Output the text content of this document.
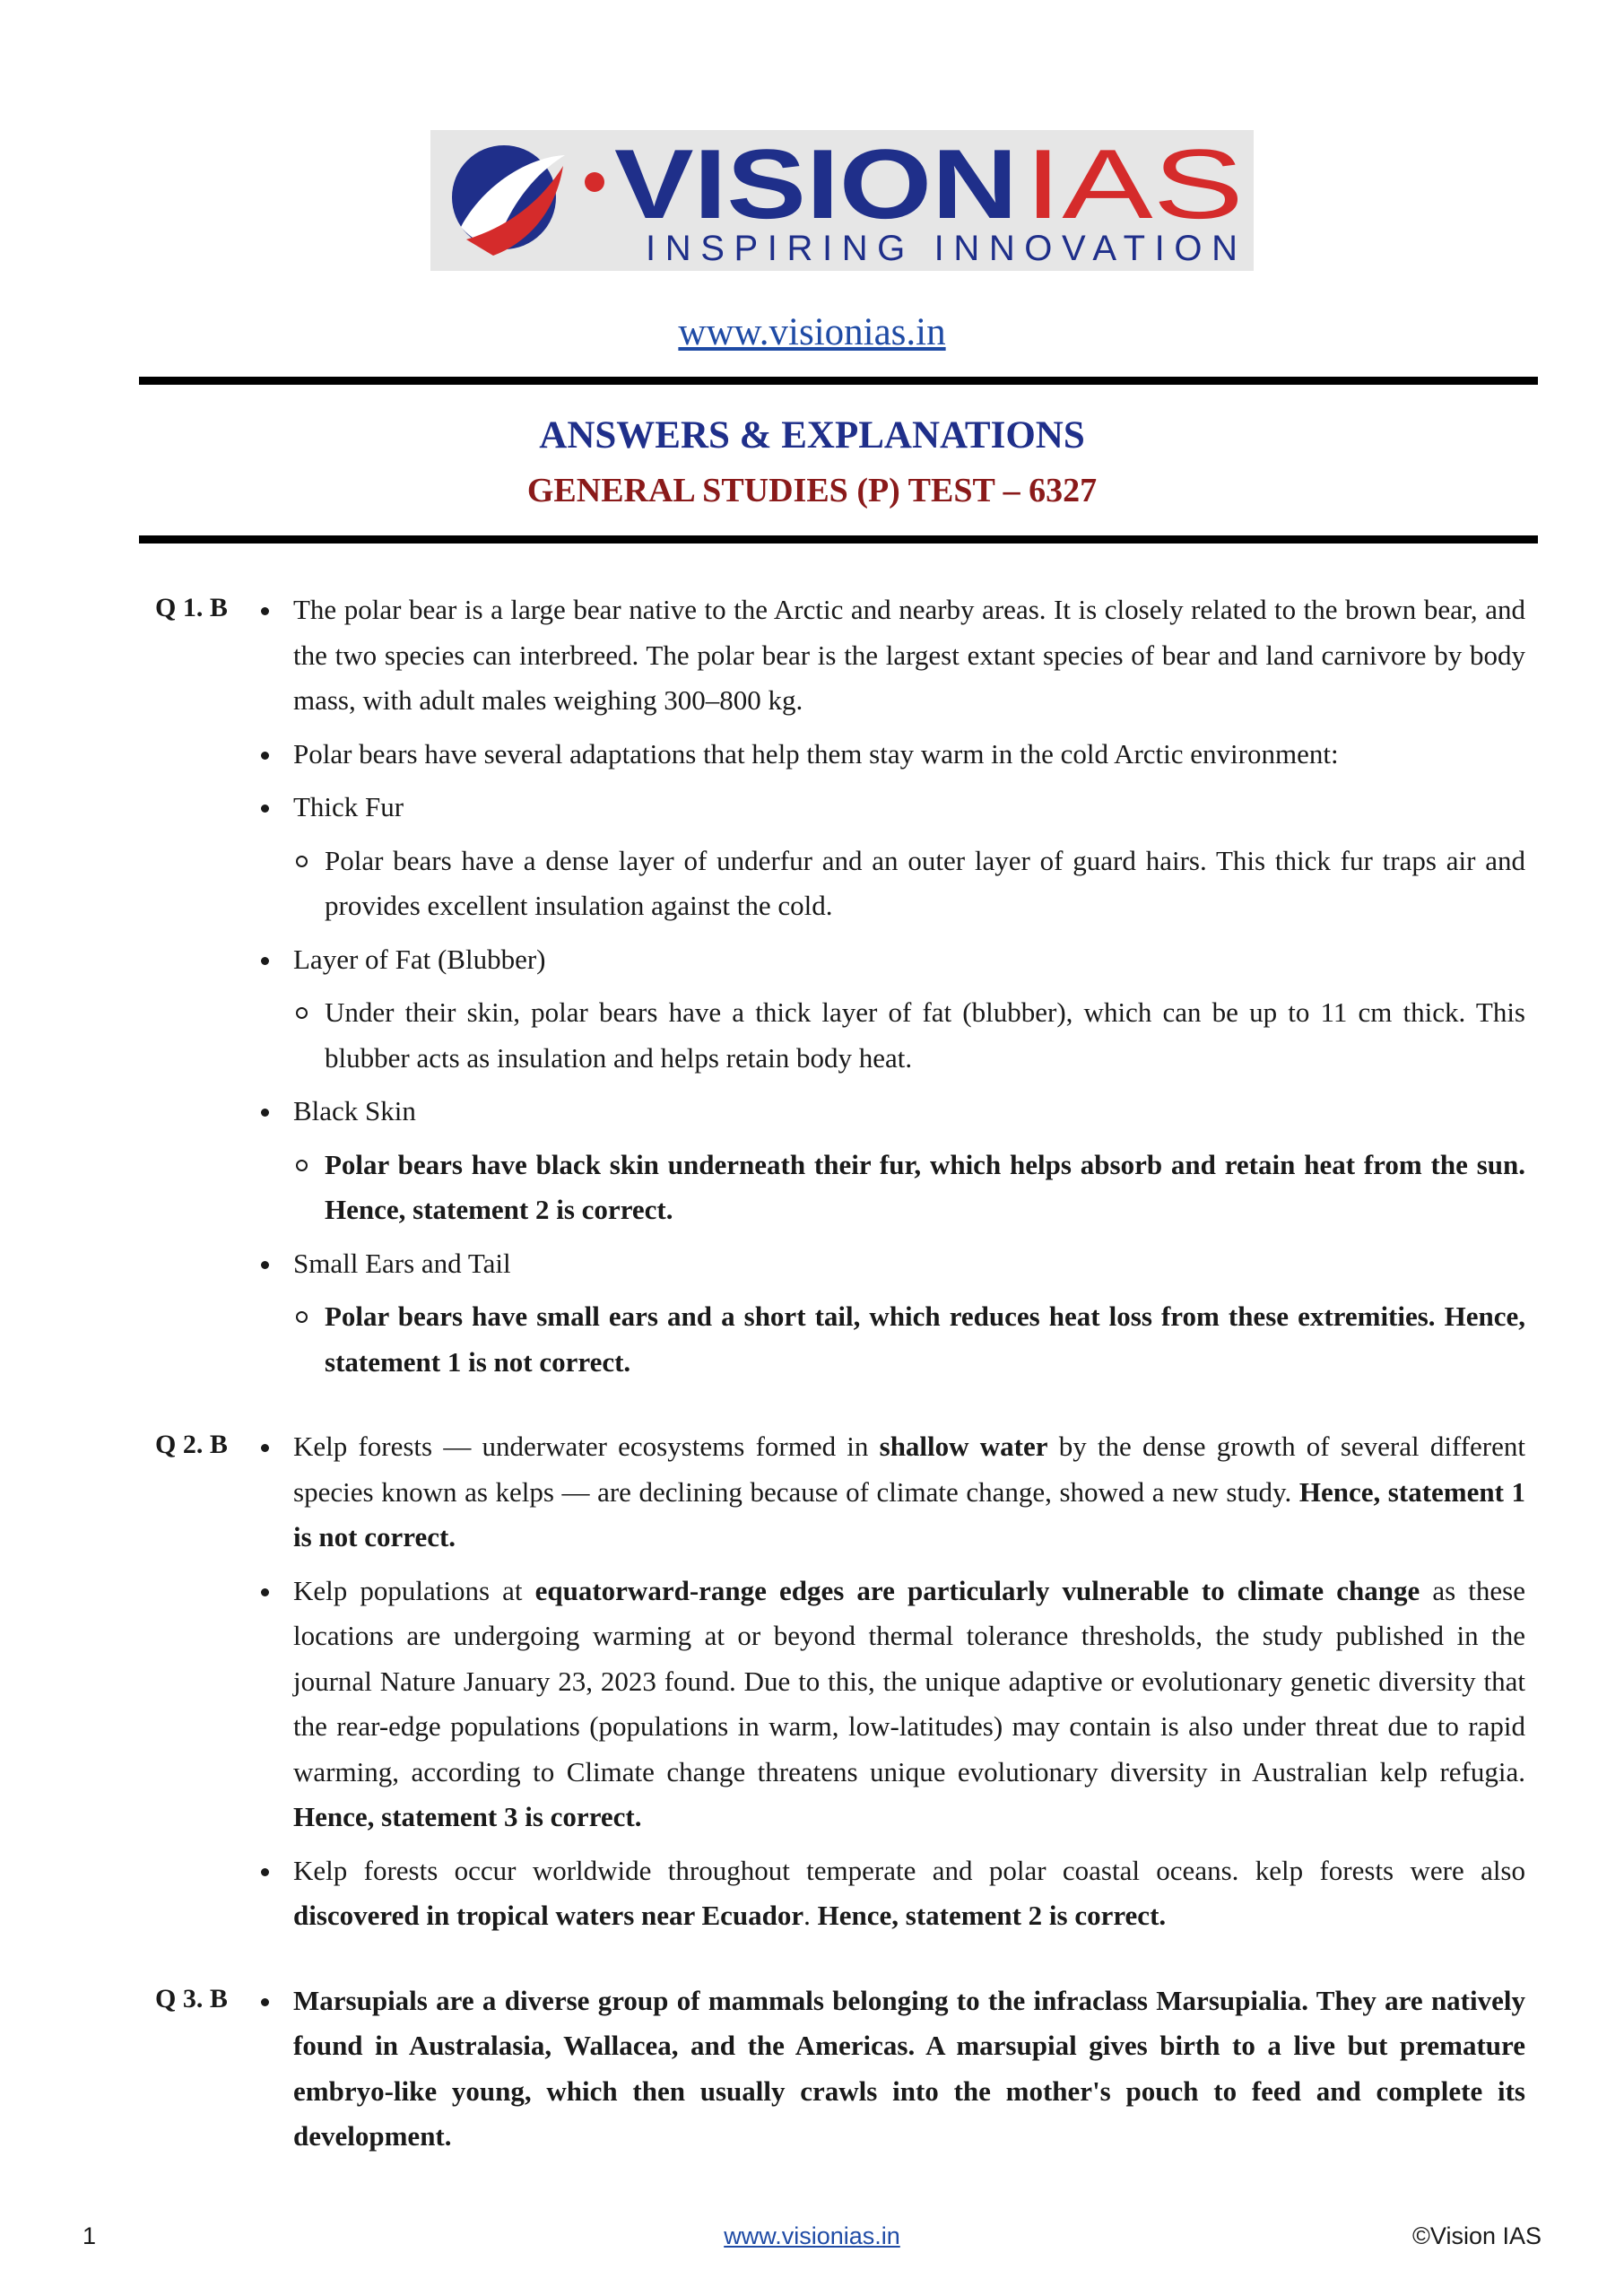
VISION IAS
INSPIRING INNOVATION
www.visionias.in
ANSWERS & EXPLANATIONS
GENERAL STUDIES (P) TEST – 6327
Q 1. B The polar bear is a large bear native to the Arctic and nearby areas. It is closely related to the brown bear, and the two species can interbreed. The polar bear is the largest extant species of bear and land carnivore by body mass, with adult males weighing 300–800 kg.
Polar bears have several adaptations that help them stay warm in the cold Arctic environment:
Thick Fur
Polar bears have a dense layer of underfur and an outer layer of guard hairs. This thick fur traps air and provides excellent insulation against the cold.
Layer of Fat (Blubber)
Under their skin, polar bears have a thick layer of fat (blubber), which can be up to 11 cm thick. This blubber acts as insulation and helps retain body heat.
Black Skin
Polar bears have black skin underneath their fur, which helps absorb and retain heat from the sun. Hence, statement 2 is correct.
Small Ears and Tail
Polar bears have small ears and a short tail, which reduces heat loss from these extremities. Hence, statement 1 is not correct.
Q 2. B Kelp forests — underwater ecosystems formed in shallow water by the dense growth of several different species known as kelps — are declining because of climate change, showed a new study. Hence, statement 1 is not correct.
Kelp populations at equatorward-range edges are particularly vulnerable to climate change as these locations are undergoing warming at or beyond thermal tolerance thresholds, the study published in the journal Nature January 23, 2023 found. Due to this, the unique adaptive or evolutionary genetic diversity that the rear-edge populations (populations in warm, low-latitudes) may contain is also under threat due to rapid warming, according to Climate change threatens unique evolutionary diversity in Australian kelp refugia. Hence, statement 3 is correct.
Kelp forests occur worldwide throughout temperate and polar coastal oceans. kelp forests were also discovered in tropical waters near Ecuador. Hence, statement 2 is correct.
Q 3. B Marsupials are a diverse group of mammals belonging to the infraclass Marsupialia. They are natively found in Australasia, Wallacea, and the Americas. A marsupial gives birth to a live but premature embryo-like young, which then usually crawls into the mother's pouch to feed and complete its development.
1	www.visionias.in	©Vision IAS
